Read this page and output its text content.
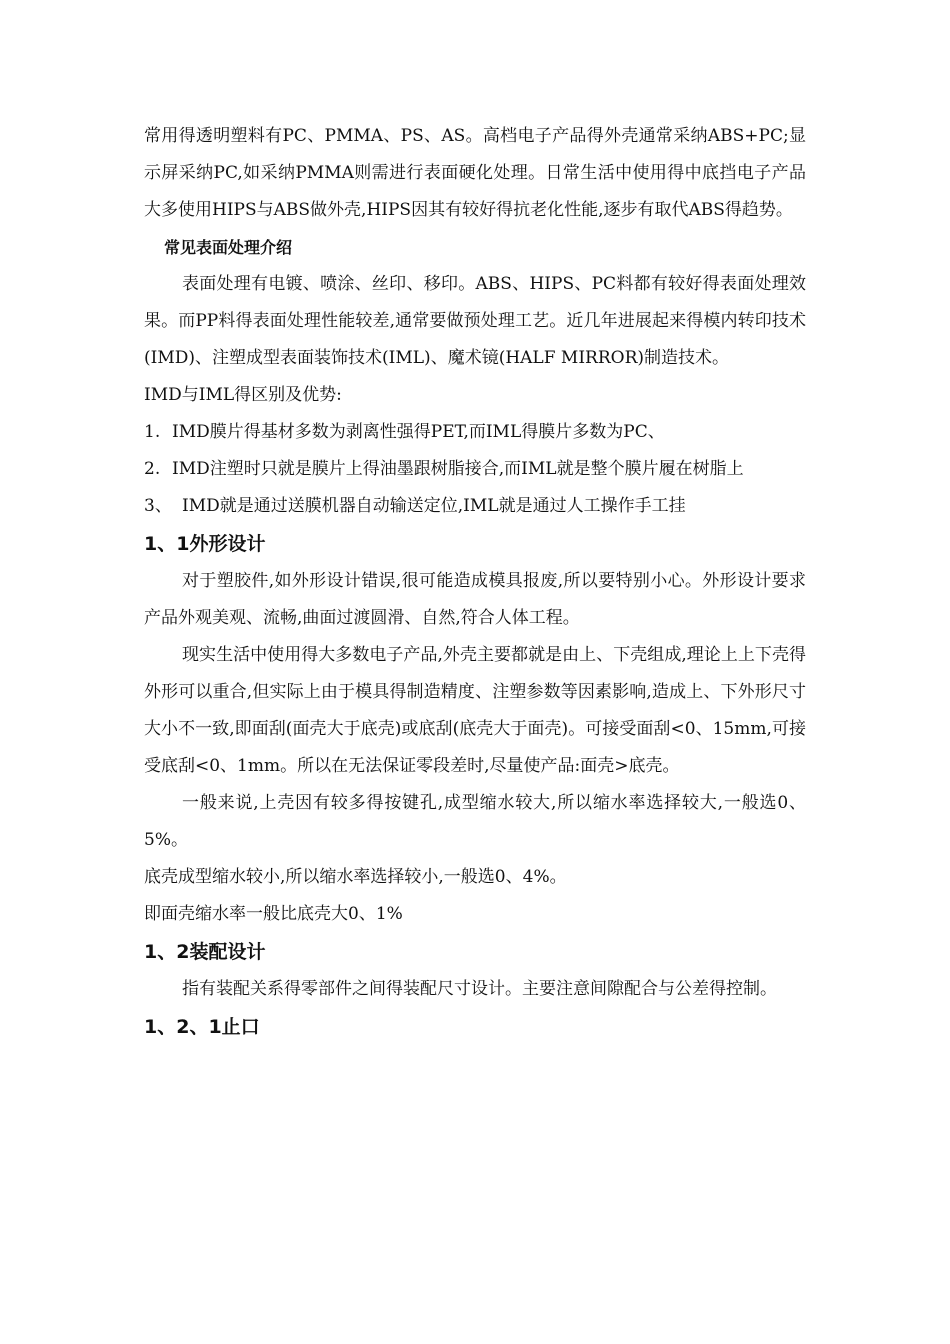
常用得透明塑料有PC、PMMA、PS、AS。高档电子产品得外壳通常采纳ABS+PC;显示屏采纳PC,如采纳PMMA则需进行表面硬化处理。日常生活中使用得中底挡电子产品大多使用HIPS与ABS做外壳,HIPS因其有较好得抗老化性能,逐步有取代ABS得趋势。

常见表面处理介绍

表面处理有电镀、喷涂、丝印、移印。ABS、HIPS、PC料都有较好得表面处理效果。而PP料得表面处理性能较差,通常要做预处理工艺。近几年进展起来得模内转印技术(IMD)、注塑成型表面装饰技术(IML)、魔术镜(HALF MIRROR)制造技术。

IMD与IML得区别及优势:

1. IMD膜片得基材多数为剥离性强得PET,而IML得膜片多数为PC、

2. IMD注塑时只就是膜片上得油墨跟树脂接合,而IML就是整个膜片履在树脂上

3、 IMD就是通过送膜机器自动输送定位,IML就是通过人工操作手工挂

1、1外形设计

对于塑胶件,如外形设计错误,很可能造成模具报废,所以要特别小心。外形设计要求产品外观美观、流畅,曲面过渡圆滑、自然,符合人体工程。

现实生活中使用得大多数电子产品,外壳主要都就是由上、下壳组成,理论上上下壳得外形可以重合,但实际上由于模具得制造精度、注塑参数等因素影响,造成上、下外形尺寸大小不一致,即面刮(面壳大于底壳)或底刮(底壳大于面壳)。可接受面刮<0、15mm,可接受底刮<0、1mm。所以在无法保证零段差时,尽量使产品:面壳>底壳。

一般来说,上壳因有较多得按键孔,成型缩水较大,所以缩水率选择较大,一般选0、5%。

底壳成型缩水较小,所以缩水率选择较小,一般选0、4%。

即面壳缩水率一般比底壳大0、1%

1、2装配设计

指有装配关系得零部件之间得装配尺寸设计。主要注意间隙配合与公差得控制。

1、2、1止口
